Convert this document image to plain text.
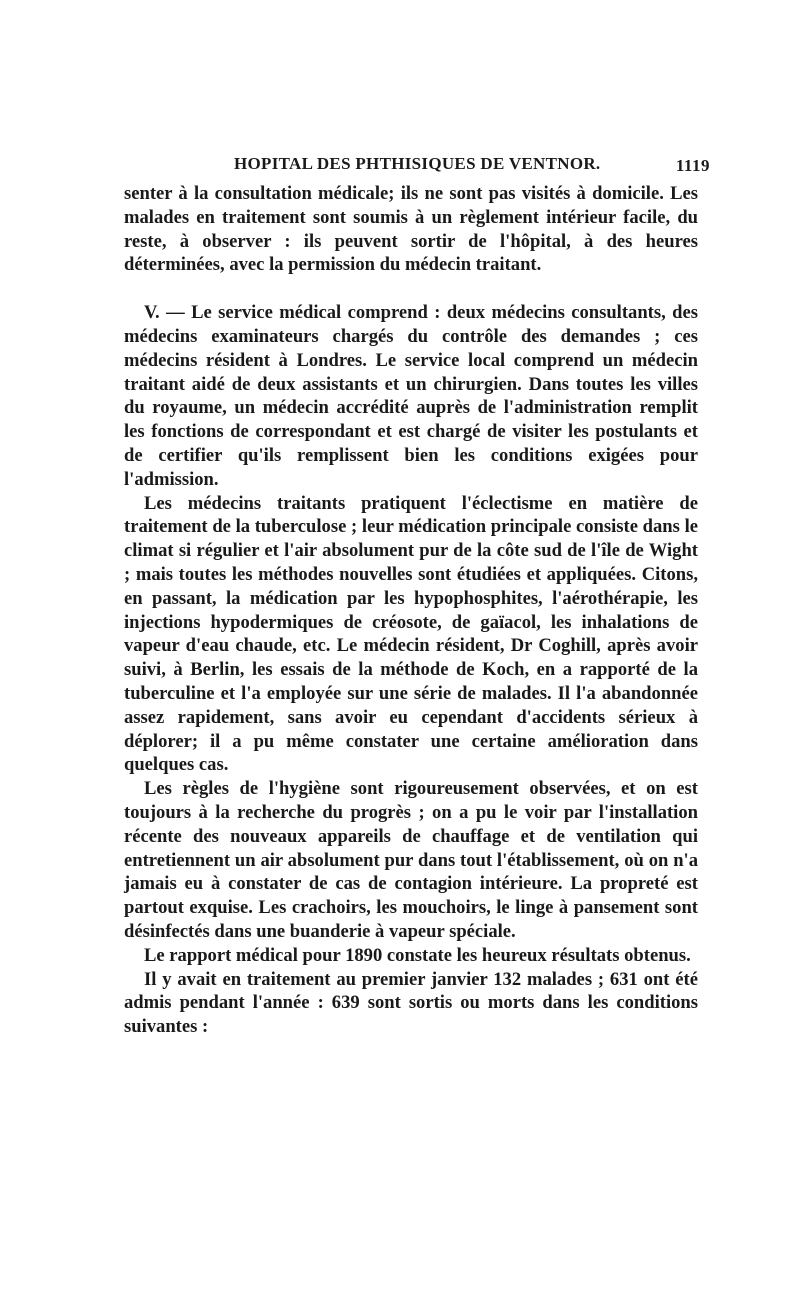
HOPITAL DES PHTHISIQUES DE VENTNOR.	1119

senter à la consultation médicale; ils ne sont pas visités à domicile. Les malades en traitement sont soumis à un règlement intérieur facile, du reste, à observer : ils peuvent sortir de l'hôpital, à des heures déterminées, avec la permission du médecin traitant.

V. — Le service médical comprend : deux médecins consultants, des médecins examinateurs chargés du contrôle des demandes ; ces médecins résident à Londres. Le service local comprend un médecin traitant aidé de deux assistants et un chirurgien. Dans toutes les villes du royaume, un médecin accrédité auprès de l'administration remplit les fonctions de correspondant et est chargé de visiter les postulants et de certifier qu'ils remplissent bien les conditions exigées pour l'admission.

Les médecins traitants pratiquent l'éclectisme en matière de traitement de la tuberculose ; leur médication principale consiste dans le climat si régulier et l'air absolument pur de la côte sud de l'île de Wight ; mais toutes les méthodes nouvelles sont étudiées et appliquées. Citons, en passant, la médication par les hypophosphites, l'aérothérapie, les injections hypodermiques de créosote, de gaïacol, les inhalations de vapeur d'eau chaude, etc. Le médecin résident, Dr Coghill, après avoir suivi, à Berlin, les essais de la méthode de Koch, en a rapporté de la tuberculine et l'a employée sur une série de malades. Il l'a abandonnée assez rapidement, sans avoir eu cependant d'accidents sérieux à déplorer; il a pu même constater une certaine amélioration dans quelques cas.

Les règles de l'hygiène sont rigoureusement observées, et on est toujours à la recherche du progrès ; on a pu le voir par l'installation récente des nouveaux appareils de chauffage et de ventilation qui entretiennent un air absolument pur dans tout l'établissement, où on n'a jamais eu à constater de cas de contagion intérieure. La propreté est partout exquise. Les crachoirs, les mouchoirs, le linge à pansement sont désinfectés dans une buanderie à vapeur spéciale.

Le rapport médical pour 1890 constate les heureux résultats obtenus.

Il y avait en traitement au premier janvier 132 malades ; 631 ont été admis pendant l'année : 639 sont sortis ou morts dans les conditions suivantes :
